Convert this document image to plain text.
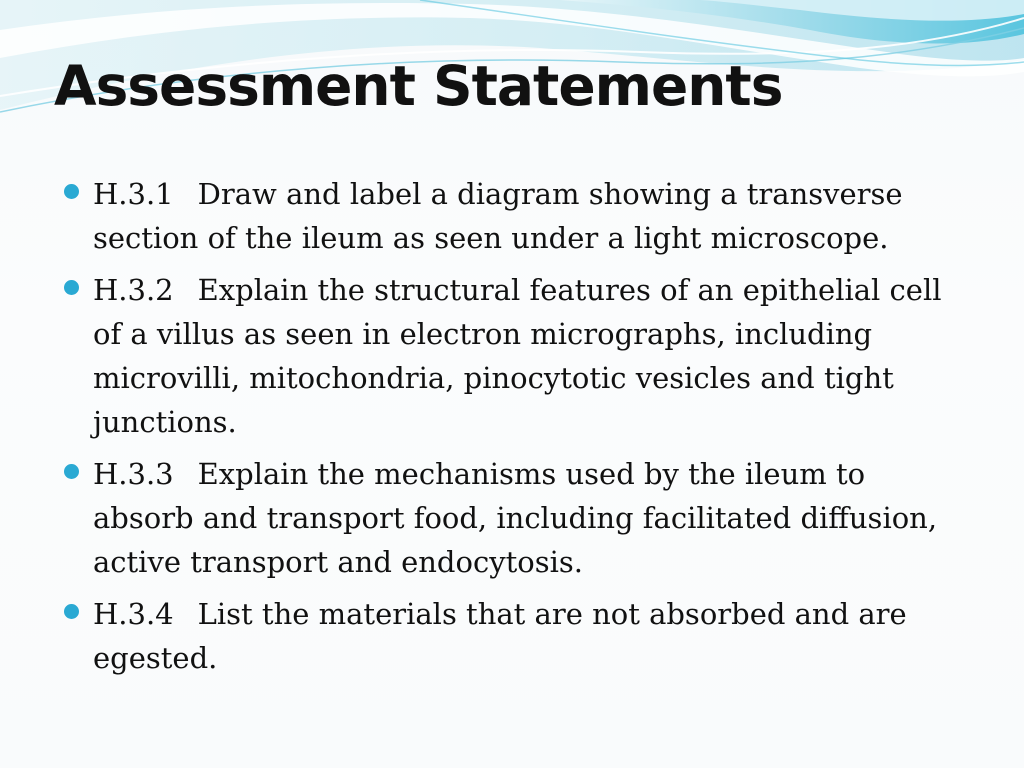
Assessment Statements
H.3.1 Draw and label a diagram showing a transverse section of the ileum as seen under a light microscope.
H.3.2 Explain the structural features of an epithelial cell of a villus as seen in electron micrographs, including microvilli, mitochondria, pinocytotic vesicles and tight junctions.
H.3.3 Explain the mechanisms used by the ileum to absorb and transport food, including facilitated diffusion, active transport and endocytosis.
H.3.4 List the materials that are not absorbed and are egested.
